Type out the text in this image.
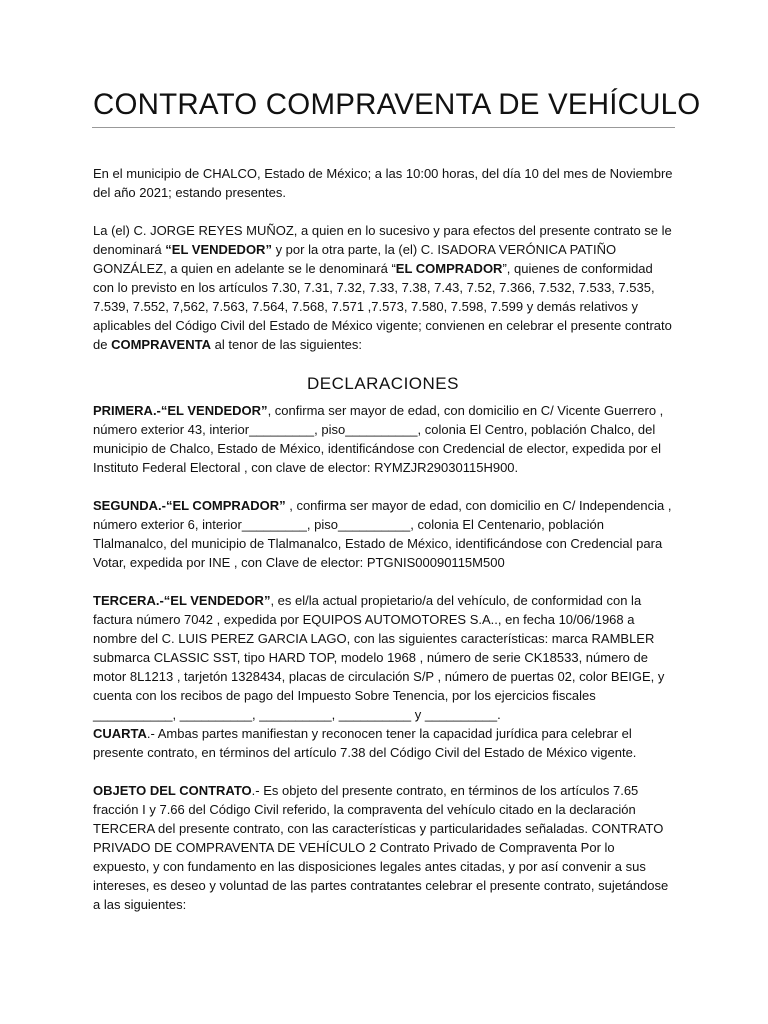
CONTRATO COMPRAVENTA DE VEHÍCULO

En el municipio de CHALCO, Estado de México; a las 10:00 horas, del día 10 del mes de Noviembre del año 2021; estando presentes.

La (el) C. JORGE REYES MUÑOZ, a quien en lo sucesivo y para efectos del presente contrato se le denominará “EL VENDEDOR” y por la otra parte, la (el) C. ISADORA VERÓNICA PATIÑO GONZÁLEZ, a quien en adelante se le denominará “EL COMPRADOR”, quienes de conformidad con lo previsto en los artículos 7.30, 7.31, 7.32, 7.33, 7.38, 7.43, 7.52, 7.366, 7.532, 7.533, 7.535, 7.539, 7.552, 7,562, 7.563, 7.564, 7.568, 7.571 ,7.573, 7.580, 7.598, 7.599 y demás relativos y aplicables del Código Civil del Estado de México vigente; convienen en celebrar el presente contrato de COMPRAVENTA al tenor de las siguientes:

DECLARACIONES

PRIMERA.-“EL VENDEDOR”, confirma ser mayor de edad, con domicilio en C/ Vicente Guerrero , número exterior 43, interior_________, piso__________, colonia El Centro, población Chalco, del municipio de Chalco, Estado de México, identificándose con Credencial de elector, expedida por el Instituto Federal Electoral , con clave de elector: RYMZJR29030115H900.

SEGUNDA.-“EL COMPRADOR” , confirma ser mayor de edad, con domicilio en C/ Independencia , número exterior 6, interior_________, piso__________, colonia El Centenario, población Tlalmanalco, del municipio de Tlalmanalco, Estado de México, identificándose con Credencial para Votar, expedida por INE , con Clave de elector: PTGNIS00090115M500

TERCERA.-“EL VENDEDOR”, es el/la actual propietario/a del vehículo, de conformidad con la factura número 7042 , expedida por EQUIPOS AUTOMOTORES S.A.., en fecha 10/06/1968 a nombre del C. LUIS PEREZ GARCIA LAGO, con las siguientes características: marca RAMBLER submarca CLASSIC SST, tipo HARD TOP, modelo 1968 , número de serie CK18533, número de motor 8L1213 , tarjetón 1328434, placas de circulación S/P , número de puertas 02, color BEIGE, y cuenta con los recibos de pago del Impuesto Sobre Tenencia, por los ejercicios fiscales ___________, __________, __________, __________ y __________.

CUARTA.- Ambas partes manifiestan y reconocen tener la capacidad jurídica para celebrar el presente contrato, en términos del artículo 7.38 del Código Civil del Estado de México vigente.

OBJETO DEL CONTRATO.- Es objeto del presente contrato, en términos de los artículos 7.65 fracción I y 7.66 del Código Civil referido, la compraventa del vehículo citado en la declaración TERCERA del presente contrato, con las características y particularidades señaladas. CONTRATO PRIVADO DE COMPRAVENTA DE VEHÍCULO 2 Contrato Privado de Compraventa Por lo expuesto, y con fundamento en las disposiciones legales antes citadas, y por así convenir a sus intereses, es deseo y voluntad de las partes contratantes celebrar el presente contrato, sujetándose a las siguientes:
